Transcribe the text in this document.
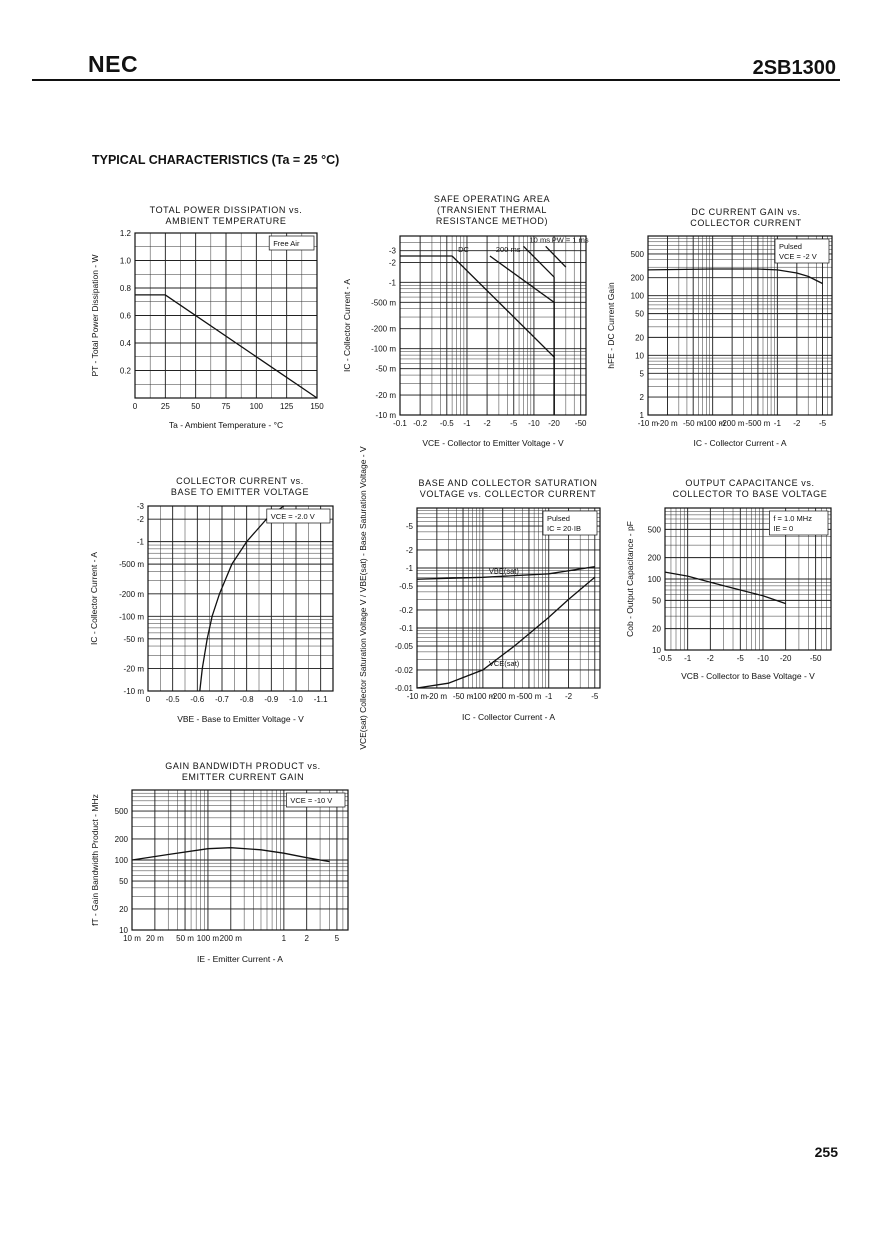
NEC	2SB1300
TYPICAL CHARACTERISTICS (Ta = 25 °C)
255
0	25	50	75 100 125 150
0.2
0.4
0.6
0.8
1.0
1.2
TOTAL POWER DISSIPATION vs.
AMBIENT TEMPERATURE
Ta - Ambient Temperature - °C
PT - Total Power Dissipation - W
Free Air
-0.1 -0.2 -0.5 -1 -2 -5 -10 -20 -50
-10 m
-20 m
-50 m
-100 m
-200 m
-500 m
-1
-2
-3	DC	200 ms
10 ms PW = 1 ms
SAFE OPERATING AREA
(TRANSIENT THERMAL
RESISTANCE METHOD)
VCE - Collector to Emitter Voltage - V
IC - Collector Current - A
-10 m -20 m -50 m
-100 m
-200 m -500 m -1 -2 -5
1
2
5
10
20
50
100
200
500
DC CURRENT GAIN vs.
COLLECTOR CURRENT
IC - Collector Current - A
hFE - DC Current Gain
Pulsed
VCE = -2 V
0 -0.5 -0.6 -0.7 -0.8 -0.9 -1.0 -1.1
-10 m
-20 m
-50 m
-100 m
-200 m
-500 m
-1
-2
-3
COLLECTOR CURRENT vs.
BASE TO EMITTER VOLTAGE
VBE - Base to Emitter Voltage - V
IC - Collector Current - A
VCE = -2.0 V
-10 m -20 m -50 m
-100 m
-200 m -500 m -1 -2 -5
-0.01
-0.02
-0.05
-0.1
-0.2
-0.5
-1
-2
-5
VBE(sat)
VCE(sat)
BASE AND COLLECTOR SATURATION
VOLTAGE vs. COLLECTOR CURRENT
IC - Collector Current - A
VCE(sat) Collector Saturation Voltage V / VBE(sat) - Base Saturation Voltage - V	Pulsed
IC = 20·IB
-0.5 -1 -2	-5 -10 -20 -50
10
20
50
100
200
500
OUTPUT CAPACITANCE vs.
COLLECTOR TO BASE VOLTAGE
VCB - Collector to Base Voltage - V
Cob - Output Capacitance - pF
f = 1.0 MHz
IE = 0
10 m 20 m 50 m 100 m 200 m	1 2	5
10
20
50
100
200
500
GAIN BANDWIDTH PRODUCT vs.
EMITTER CURRENT GAIN
IE - Emitter Current - A
fT - Gain Bandwidth Product - MHz	VCE = -10 V
